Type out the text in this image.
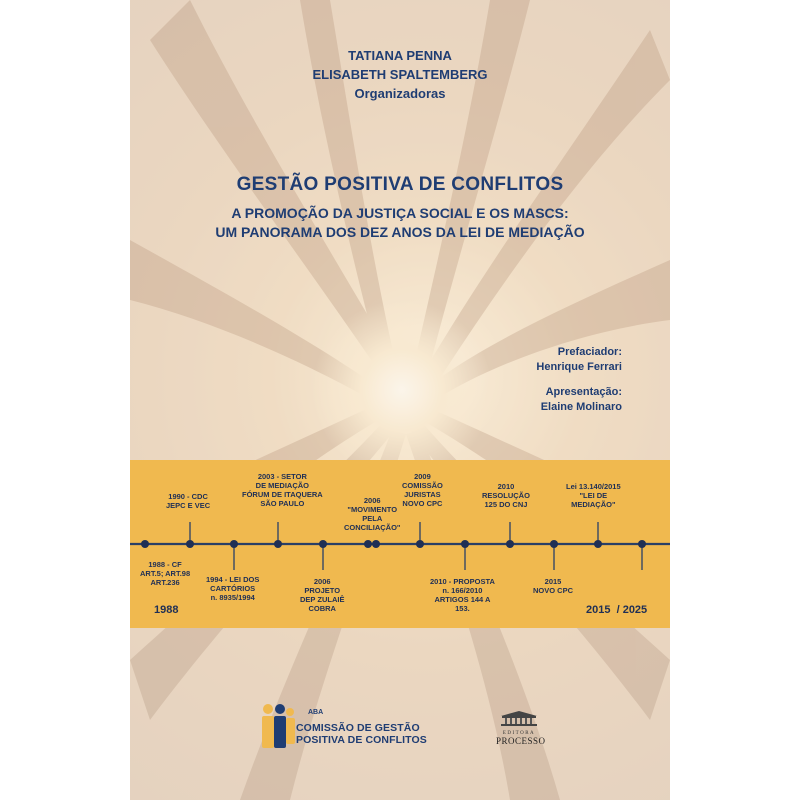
TATIANA PENNA
ELISABETH SPALTEMBERG
Organizadoras
GESTÃO POSITIVA DE CONFLITOS
A PROMOÇÃO DA JUSTIÇA SOCIAL E OS MASCS:
UM PANORAMA DOS DEZ ANOS DA LEI DE MEDIAÇÃO
Prefaciador:
Henrique Ferrari
Apresentação:
Elaine Molinaro
1990 - CDC
JEPC E VEC
2003 - SETOR
DE MEDIAÇÃO
FÓRUM DE ITAQUERA
SÃO PAULO	2006
"MOVIMENTO
PELA
CONCILIAÇÃO"
2009
COMISSÃO
JURISTAS
NOVO CPC
2010
RESOLUÇÃO
125 DO CNJ
Lei 13.140/2015
"LEI DE
MEDIAÇÃO"
1988 - CF
ART.5; ART.98
ART.236	1994 - LEI DOS
CARTÓRIOS
n. 8935/1994
2006
PROJETO
DEP ZULAIÊ
COBRA
2010 - PROPOSTA
n. 166/2010
ARTIGOS 144 A
153.
2015
NOVO CPC
1988	2015  / 2025
ABA
COMISSÃO DE GESTÃO
POSITIVA DE CONFLITOS
EDITORA
PROCESSO
